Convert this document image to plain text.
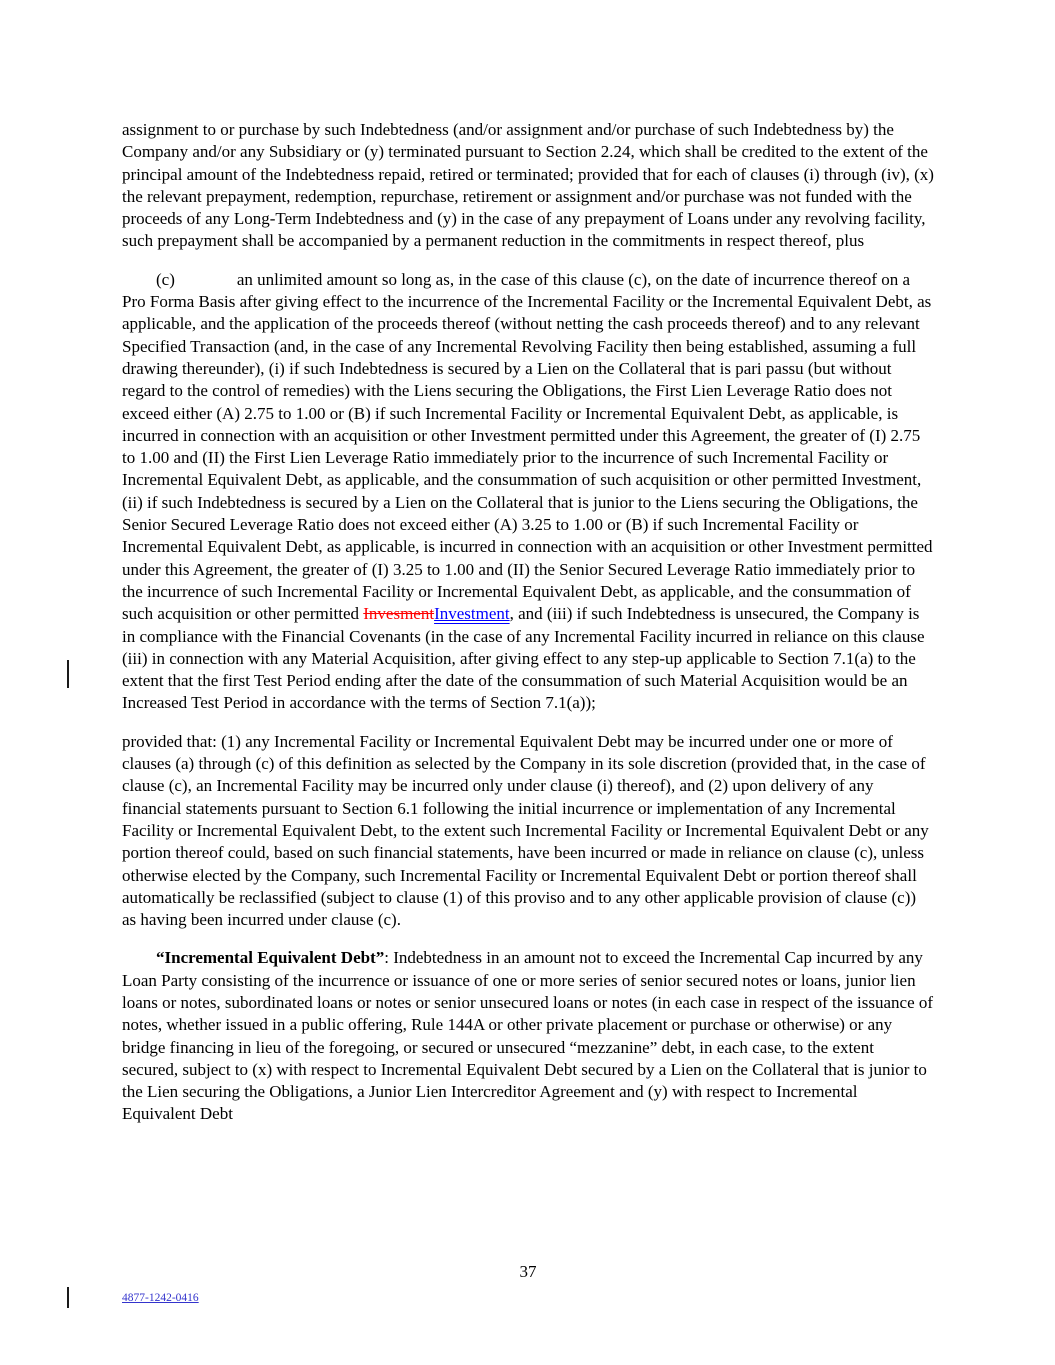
assignment to or purchase by such Indebtedness (and/or assignment and/or purchase of such Indebtedness by) the Company and/or any Subsidiary or (y) terminated pursuant to Section 2.24, which shall be credited to the extent of the principal amount of the Indebtedness repaid, retired or terminated; provided that for each of clauses (i) through (iv), (x) the relevant prepayment, redemption, repurchase, retirement or assignment and/or purchase was not funded with the proceeds of any Long-Term Indebtedness and (y) in the case of any prepayment of Loans under any revolving facility, such prepayment shall be accompanied by a permanent reduction in the commitments in respect thereof, plus

(c)	an unlimited amount so long as, in the case of this clause (c), on the date of incurrence thereof on a Pro Forma Basis after giving effect to the incurrence of the Incremental Facility or the Incremental Equivalent Debt, as applicable, and the application of the proceeds thereof (without netting the cash proceeds thereof) and to any relevant Specified Transaction (and, in the case of any Incremental Revolving Facility then being established, assuming a full drawing thereunder), (i) if such Indebtedness is secured by a Lien on the Collateral that is pari passu (but without regard to the control of remedies) with the Liens securing the Obligations, the First Lien Leverage Ratio does not exceed either (A) 2.75 to 1.00 or (B) if such Incremental Facility or Incremental Equivalent Debt, as applicable, is incurred in connection with an acquisition or other Investment permitted under this Agreement, the greater of (I) 2.75 to 1.00 and (II) the First Lien Leverage Ratio immediately prior to the incurrence of such Incremental Facility or Incremental Equivalent Debt, as applicable, and the consummation of such acquisition or other permitted Investment, (ii) if such Indebtedness is secured by a Lien on the Collateral that is junior to the Liens securing the Obligations, the Senior Secured Leverage Ratio does not exceed either (A) 3.25 to 1.00 or (B) if such Incremental Facility or Incremental Equivalent Debt, as applicable, is incurred in connection with an acquisition or other Investment permitted under this Agreement, the greater of (I) 3.25 to 1.00 and (II) the Senior Secured Leverage Ratio immediately prior to the incurrence of such Incremental Facility or Incremental Equivalent Debt, as applicable, and the consummation of such acquisition or other permitted InvesmentInvestment, and (iii) if such Indebtedness is unsecured, the Company is in compliance with the Financial Covenants (in the case of any Incremental Facility incurred in reliance on this clause (iii) in connection with any Material Acquisition, after giving effect to any step-up applicable to Section 7.1(a) to the extent that the first Test Period ending after the date of the consummation of such Material Acquisition would be an Increased Test Period in accordance with the terms of Section 7.1(a));

provided that: (1) any Incremental Facility or Incremental Equivalent Debt may be incurred under one or more of clauses (a) through (c) of this definition as selected by the Company in its sole discretion (provided that, in the case of clause (c), an Incremental Facility may be incurred only under clause (i) thereof), and (2) upon delivery of any financial statements pursuant to Section 6.1 following the initial incurrence or implementation of any Incremental Facility or Incremental Equivalent Debt, to the extent such Incremental Facility or Incremental Equivalent Debt or any portion thereof could, based on such financial statements, have been incurred or made in reliance on clause (c), unless otherwise elected by the Company, such Incremental Facility or Incremental Equivalent Debt or portion thereof shall automatically be reclassified (subject to clause (1) of this proviso and to any other applicable provision of clause (c)) as having been incurred under clause (c).

“Incremental Equivalent Debt”: Indebtedness in an amount not to exceed the Incremental Cap incurred by any Loan Party consisting of the incurrence or issuance of one or more series of senior secured notes or loans, junior lien loans or notes, subordinated loans or notes or senior unsecured loans or notes (in each case in respect of the issuance of notes, whether issued in a public offering, Rule 144A or other private placement or purchase or otherwise) or any bridge financing in lieu of the foregoing, or secured or unsecured “mezzanine” debt, in each case, to the extent secured, subject to (x) with respect to Incremental Equivalent Debt secured by a Lien on the Collateral that is junior to the Lien securing the Obligations, a Junior Lien Intercreditor Agreement and (y) with respect to Incremental Equivalent Debt

37
4877-1242-0416
